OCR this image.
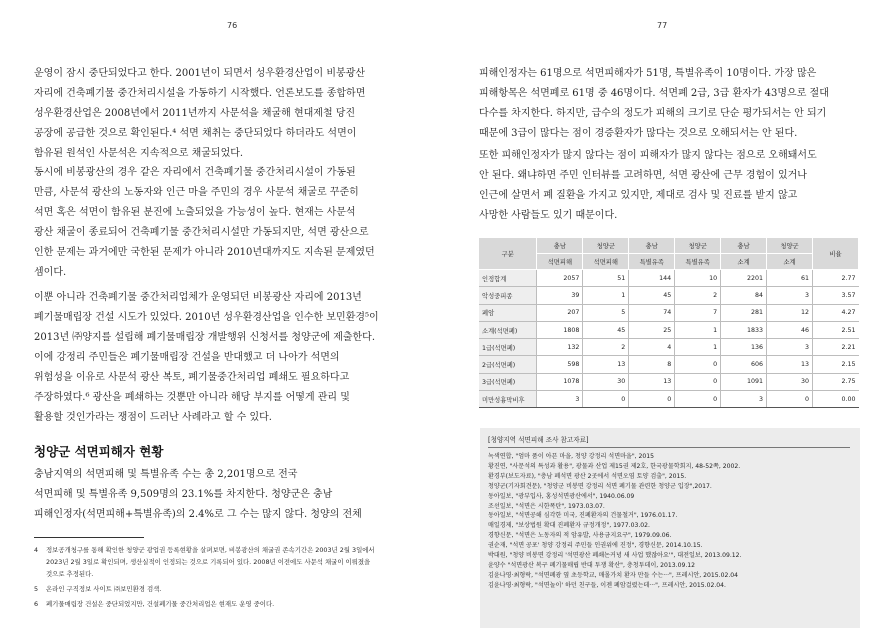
76

운영이 잠시 중단되었다고 한다. 2001년이 되면서 성우환경산업이 비봉광산
자리에 건축폐기물 중간처리시설을 가동하기 시작했다. 언론보도를 종합하면
성우환경산업은 2008년에서 2011년까지 사문석을 채굴해 현대제철 당진
공장에 공급한 것으로 확인된다.⁴ 석면 채취는 중단되었다 하더라도 석면이
함유된 원석인 사문석은 지속적으로 채굴되었다.

동시에 비봉광산의 경우 같은 자리에서 건축폐기물 중간처리시설이 가동된
만큼, 사문석 광산의 노동자와 인근 마을 주민의 경우 사문석 채굴로 꾸준히
석면 혹은 석면이 함유된 분진에 노출되었을 가능성이 높다. 현재는 사문석
광산 채굴이 종료되어 건축폐기물 중간처리시설만 가동되지만, 석면 광산으로
인한 문제는 과거에만 국한된 문제가 아니라 2010년대까지도 지속된 문제였던
셈이다.

이뿐 아니라 건축폐기물 중간처리업체가 운영되던 비봉광산 자리에 2013년
폐기물매립장 건설 시도가 있었다. 2010년 성우환경산업을 인수한 보민환경⁵이
2013년 ㈜양지를 설립해 폐기물매립장 개발행위 신청서를 청양군에 제출한다.
이에 강정리 주민들은 폐기물매립장 건설을 반대했고 더 나아가 석면의
위험성을 이유로 사문석 광산 복토, 폐기물중간처리업 폐쇄도 필요하다고
주장하였다.⁶ 광산을 폐쇄하는 것뿐만 아니라 해당 부지를 어떻게 관리 및
활용할 것인가라는 쟁점이 드러난 사례라고 할 수 있다.

청양군 석면피해자 현황

충남지역의 석면피해 및 특별유족 수는 총 2,201명으로 전국
석면피해 및 특별유족 9,509명의 23.1%를 차지한다. 청양군은 충남
피해인정자(석면피해+특별유족)의 2.4%로 그 수는 많지 않다. 청양의 전체

4 정보공개청구를 통해 확인한 청양군 광업권 등록현황을 살펴보면, 비봉광산의 채굴권 존속기간은 2003년 2월 3일에서
2023년 2월 3일로 확인되며, 생산실적이 인정되는 것으로 기록되어 있다. 2008년 이전에도 사문석 채굴이 이뤄졌을
것으로 추정된다.

5 온라인 구직정보 사이트 ㈜보민환경 검색.

6 폐기물매립장 건설은 중단되었지만, 건설폐기물 중간처리업은 현재도 운영 중이다.

77

피해인정자는 61명으로 석면피해자가 51명, 특별유족이 10명이다. 가장 많은
피해항목은 석면폐로 61명 중 46명이다. 석면폐 2급, 3급 환자가 43명으로 절대
다수를 차지한다. 하지만, 급수의 정도가 피해의 크기로 단순 평가되서는 안 되기
때문에 3급이 많다는 점이 경증환자가 많다는 것으로 오해되서는 안 된다.

또한 피해인정자가 많지 않다는 점이 피해자가 많지 않다는 점으로 오해돼서도
안 된다. 왜냐하면 주민 인터뷰를 고려하면, 석면 광산에 근무 경험이 있거나
인근에 살면서 폐 질환을 가지고 있지만, 제대로 검사 및 진료를 받지 않고
사망한 사람들도 있기 때문이다.

구분	충남	청양군	충남	청양군	충남	청양군	비율
	석면피해	석면피해	특별유족	특별유족	소계	소계	
인정합계	2057	51	144	10	2201	61	2.77
악성중피종	39	1	45	2	84	3	3.57
폐암	207	5	74	7	281	12	4.27
소계(석면폐)	1808	45	25	1	1833	46	2.51
1급(석면폐)	132	2	4	1	136	3	2.21
2급(석면폐)	598	13	8	0	606	13	2.15
3급(석면폐)	1078	30	13	0	1091	30	2.75
미만성흉막비후	3	0	0	0	3	0	0.00
[청양지역 석면피해 조사 참고자료]
녹색연합, "엄마 품이 아픈 마을, 청양 강정리 석면마을", 2015
황진연, "사문석의 특성과 활용", 광물과 산업 제15권 제2호, 한국광물학회지, 48-52쪽, 2002.
환경부(보도자료), "충남 폐석면 광산 2곳에서 석면오염 토양 검출", 2015.
청양군(기자회견문), "청양군 비봉면 강정리 석면 폐기물 관련한 청양군 입장",2017.
동아일보, "광부입사, 홍성석면광산에서", 1940.06.09
조선일보, "석면은 시한폭탄", 1973.03.07.
동아일보, "석면공해 심각한 미국, 진폐환자의 건물철거", 1976.01.17.
매일경제, "보상법원 확대 진폐환자 규정개정", 1977.03.02.
경향신문, "석면은 노동자의 적 암유발, 사용금지요구", 1979.09.06.
권순재, "석면 공포' 청양 강정리 주민들 인권위에 진정", 경향신문, 2014.10.15.
박대원, "청양 비봉면 강정리 '석면광산 폐쇄논커녕 새 사업 했잖아요'", 대전일보, 2013.09.12.
윤양수 "석면광산 복구 폐기물매립 반대 투쟁 확산", 충청투데이, 2013.09.12
김윤나영·최형락, "석면폐광 옆 초등학교, 매몰가치 환자 만들 수는···", 프레시안, 2015.02.04
김윤나영·최형락, "석면놀이' 하던 친구들, 이젠 폐암걸렸는데···", 프레시안, 2015.02.04.
